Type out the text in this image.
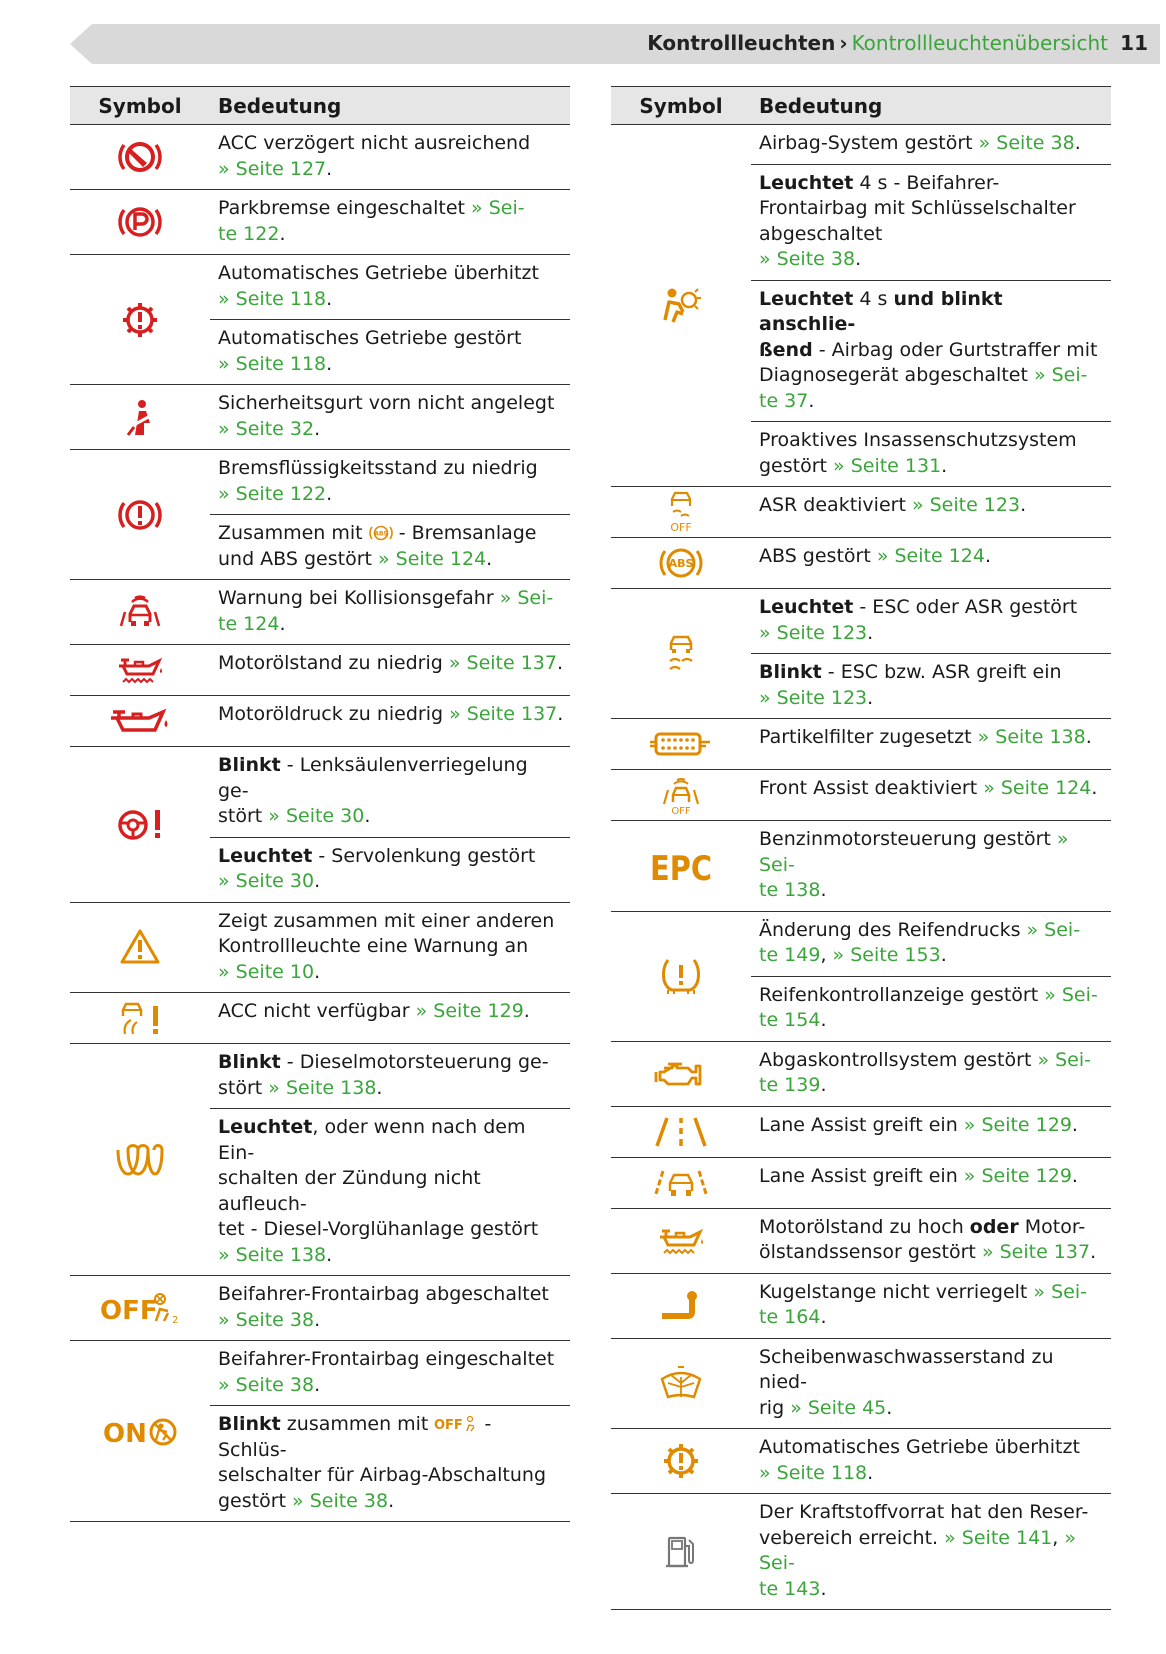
Kontrollleuchten › Kontrollleuchtenübersicht 11
Symbol	Bedeutung
	ACC verzögert nicht ausreichend
» Seite 127.
	Parkbremse eingeschaltet » Sei-
te 122.
	Automatisches Getriebe überhitzt
» Seite 118.
	Automatisches Getriebe gestört
» Seite 118.
	Sicherheitsgurt vorn nicht angelegt
» Seite 32.
	Bremsflüssigkeitsstand zu niedrig
» Seite 122.
	Zusammen mit ABS - Bremsanlage und ABS gestört » Seite 124.
	Warnung bei Kollisionsgefahr » Sei-
te 124.
	Motorölstand zu niedrig » Seite 137.
	Motoröldruck zu niedrig » Seite 137.
	Blinkt - Lenksäulenverriegelung ge-
stört » Seite 30.
	Leuchtet - Servolenkung gestört
» Seite 30.
	Zeigt zusammen mit einer anderen Kontrollleuchte eine Warnung an
» Seite 10.
	ACC nicht verfügbar » Seite 129.
	Blinkt - Dieselmotorsteuerung ge-
stört » Seite 138.
	Leuchtet, oder wenn nach dem Ein-
schalten der Zündung nicht aufleuch-
tet - Diesel-Vorglühanlage gestört
» Seite 138.

OFF 2	Beifahrer-Frontairbag abgeschaltet
» Seite 38.

ON	Beifahrer-Frontairbag eingeschaltet
» Seite 38.
	Blinkt zusammen mit OFF - Schlüs-
selschalter für Airbag-Abschaltung gestört » Seite 38.
Symbol	Bedeutung
	Airbag-System gestört » Seite 38.
	Leuchtet 4 s - Beifahrer-Frontairbag mit Schlüsselschalter abgeschaltet
» Seite 38.
	Leuchtet 4 s und blinkt anschlie-
ßend - Airbag oder Gurtstraffer mit Diagnosegerät abgeschaltet » Sei-
te 37.
	Proaktives Insassenschutzsystem gestört » Seite 131.

OFF	ASR deaktiviert » Seite 123.

ABS	ABS gestört » Seite 124.
	Leuchtet - ESC oder ASR gestört
» Seite 123.
	Blinkt - ESC bzw. ASR greift ein
» Seite 123.
	Partikelfilter zugesetzt » Seite 138.

OFF	Front Assist deaktiviert » Seite 124.

EPC	Benzinmotorsteuerung gestört » Sei-
te 138.
	Änderung des Reifendrucks » Sei-
te 149, » Seite 153.
	Reifenkontrollanzeige gestört » Sei-
te 154.
	Abgaskontrollsystem gestört » Sei-
te 139.
	Lane Assist greift ein » Seite 129.
	Lane Assist greift ein » Seite 129.
	Motorölstand zu hoch oder Motor-
ölstandssensor gestört » Seite 137.
	Kugelstange nicht verriegelt » Sei-
te 164.
	Scheibenwaschwasserstand zu nied-
rig » Seite 45.
	Automatisches Getriebe überhitzt
» Seite 118.
	Der Kraftstoffvorrat hat den Reser-
vebereich erreicht. » Seite 141, » Sei-
te 143.
